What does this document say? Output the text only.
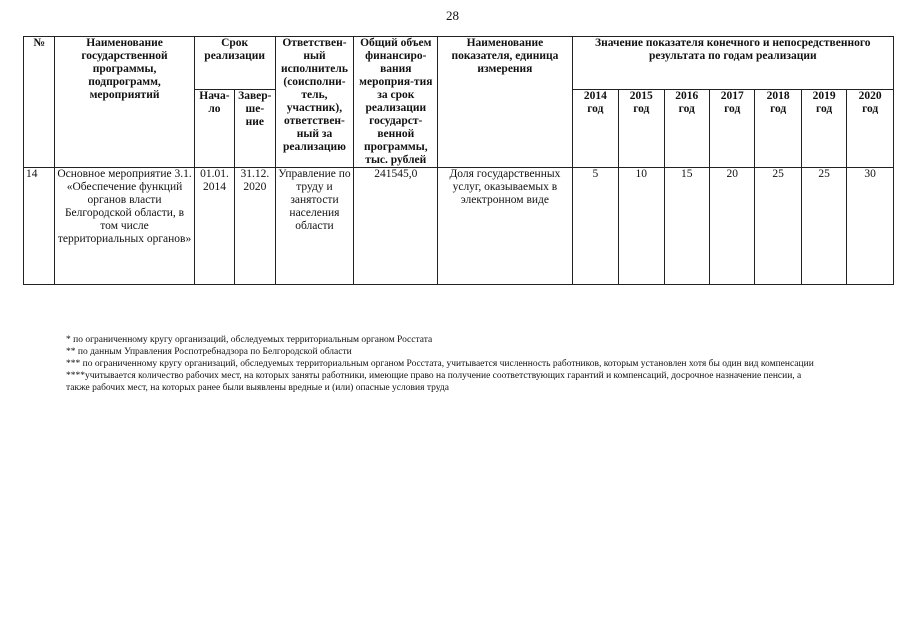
28
№	Наименование государственной программы, подпрограмм, мероприятий	Срок реализации		Ответствен-ный исполнитель (соисполни-тель, участник), ответствен-ный за реализацию	Общий объем финансиро-вания мероприя-тия за срок реализации государст-венной программы, тыс. рублей	Наименование показателя, единица измерения	Значение показателя конечного и непосредственного результата по годам реализации						
		Нача-ло	Завер-ше-ние				2014 год	2015 год	2016 год	2017 год	2018 год	2019 год	2020 год
14	Основное мероприятие 3.1. «Обеспечение функций органов власти Белгородской области, в том числе территориальных органов»	01.01. 2014	31.12. 2020	Управление по труду и занятости населения области	241545,0	Доля государственных услуг, оказываемых в электронном виде	5	10	15	20	25	25	30

* по ограниченному кругу организаций, обследуемых территориальным органом Росстата

** по данным Управления Роспотребнадзора по Белгородской области

*** по ограниченному кругу организаций, обследуемых территориальным органом Росстата, учитывается численность работников, которым установлен хотя бы один вид компенсации

****учитывается количество рабочих мест, на которых заняты работники, имеющие право на получение соответствующих гарантий и компенсаций, досрочное назначение пенсии, а также рабочих мест, на которых ранее были выявлены вредные и (или) опасные условия труда
